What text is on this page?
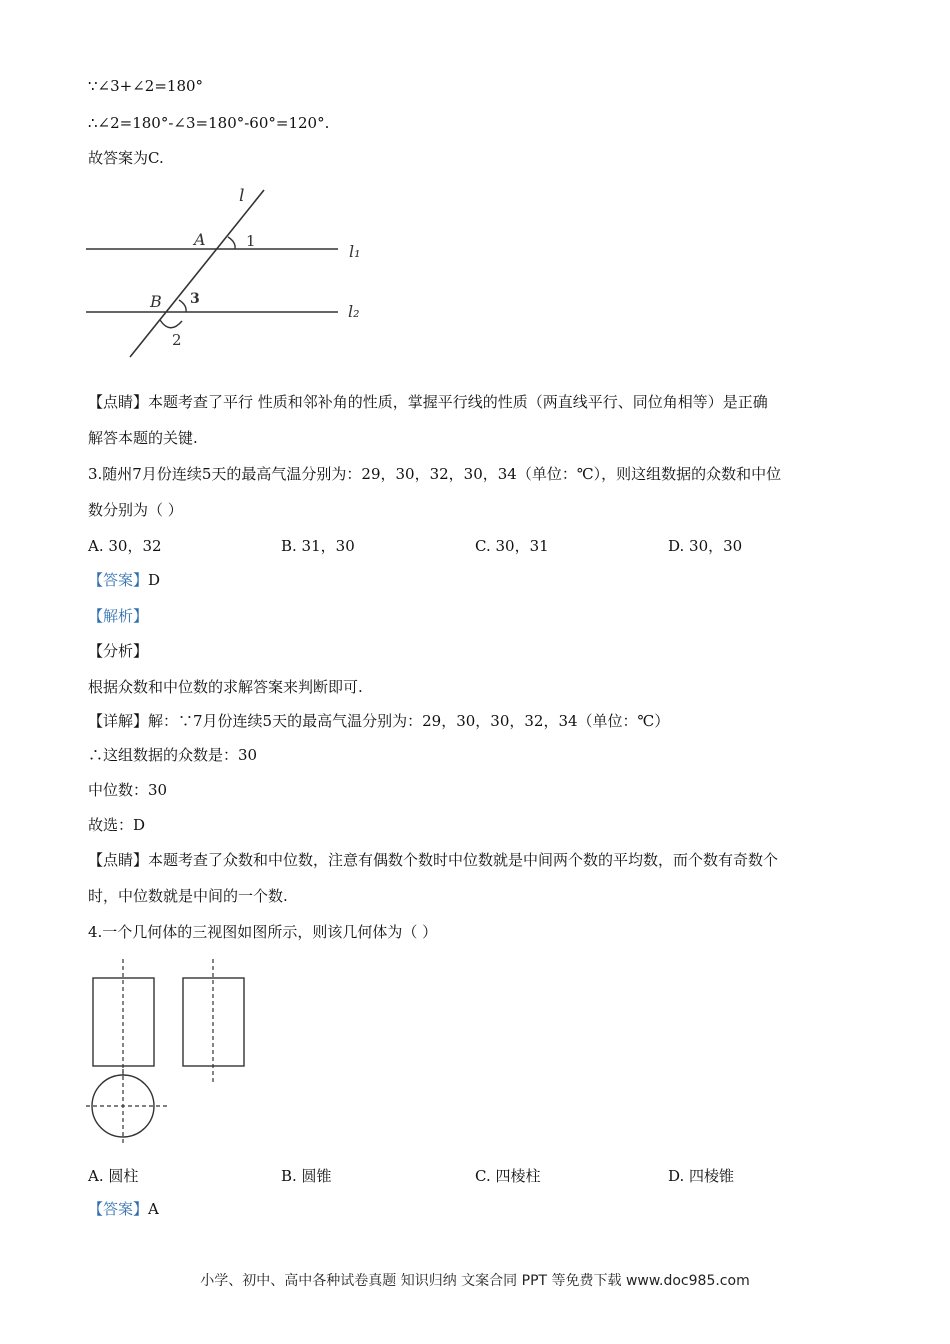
∵∠3+∠2=180°
∴∠2=180°-∠3=180°-60°=120°.
故答案为C.
l
A	1
l₁
B 3
l₂
2
【点睛】本题考查了平行 性质和邻补角的性质，掌握平行线的性质（两直线平行、同位角相等）是正确
解答本题的关键.
3.随州7月份连续5天的最高气温分别为：29，30，32，30，34（单位：℃），则这组数据的众数和中位
数分别为（ ）
A. 30，32	B. 31，30	C. 30，31	D. 30，30
【答案】D
【解析】
【分析】
根据众数和中位数的求解答案来判断即可.
【详解】解：∵7月份连续5天的最高气温分别为：29，30，30，32，34（单位：℃）
∴这组数据的众数是：30
中位数：30
故选：D
【点睛】本题考查了众数和中位数，注意有偶数个数时中位数就是中间两个数的平均数，而个数有奇数个
时，中位数就是中间的一个数.
4.一个几何体的三视图如图所示，则该几何体为（ ）
A. 圆柱	B. 圆锥	C. 四棱柱	D. 四棱锥
【答案】A
小学、初中、高中各种试卷真题 知识归纳 文案合同 PPT 等免费下载 www.doc985.com
